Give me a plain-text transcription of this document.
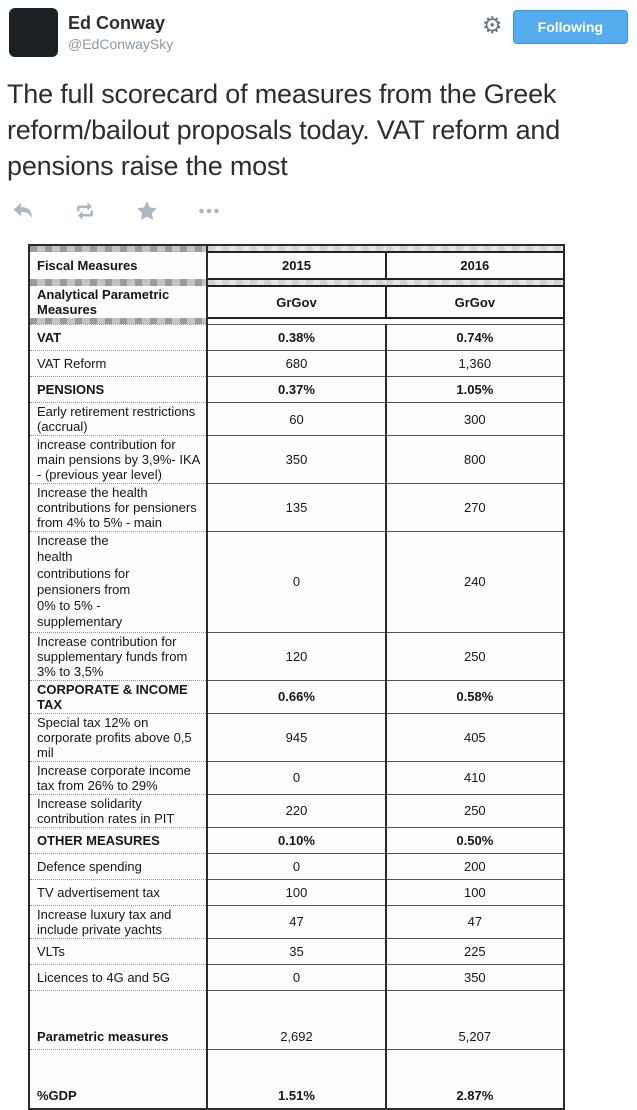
Ed Conway
@EdConwaySky
⚙	Following
The full scorecard of measures from the Greek reform/bailout proposals today. VAT reform and pensions raise the most

Fiscal Measures	2015	2016

Analytical Parametric Measures	GrGov	GrGov

VAT	0.38%	0.74%
VAT Reform	680	1,360
PENSIONS	0.37%	1.05%
Early retirement restrictions (accrual)	60	300
increase contribution for main pensions by 3,9%- IKA - (previous year level)	350	800
Increase the health contributions for pensioners from 4% to 5% - main	135	270
Increase the health contributions for pensioners from 0% to 5% - supplementary	0	240
Increase contribution for supplementary funds from 3% to 3,5%	120	250
CORPORATE & INCOME TAX	0.66%	0.58%
Special tax 12% on corporate profits above 0,5 mil	945	405
Increase corporate income tax from 26% to 29%	0	410
Increase solidarity contribution rates in PIT	220	250
OTHER MEASURES	0.10%	0.50%
Defence spending	0	200
TV advertisement tax	100	100
Increase luxury tax and include private yachts	47	47
VLTs	35	225
Licences to 4G and 5G	0	350
Parametric measures	2,692	5,207
%GDP	1.51%	2.87%
